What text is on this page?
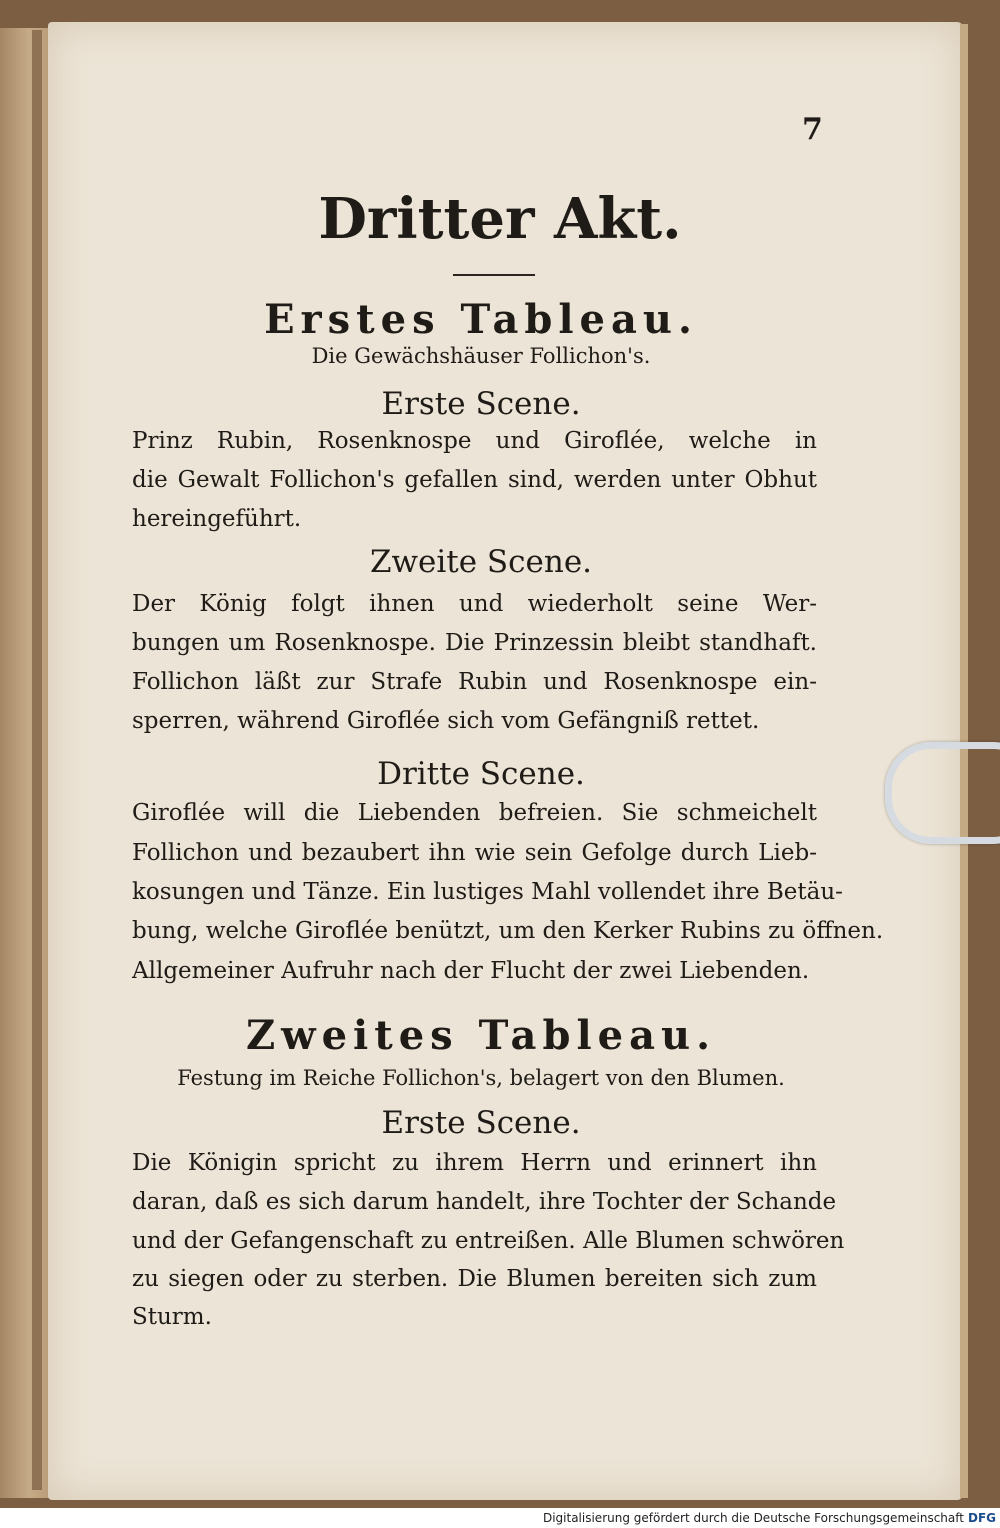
7
Dritter Akt.
Erstes Tableau.
Die Gewächshäuser Follichon's.
Erste Scene.
Prinz Rubin, Rosenknospe und Giroflée, welche in
die Gewalt Follichon's gefallen sind, werden unter Obhut
hereingeführt.
Zweite Scene.
Der König folgt ihnen und wiederholt seine Wer-
bungen um Rosenknospe. Die Prinzessin bleibt standhaft.
Follichon läßt zur Strafe Rubin und Rosenknospe ein-
sperren, während Giroflée sich vom Gefängniß rettet.
Dritte Scene.
Giroflée will die Liebenden befreien. Sie schmeichelt
Follichon und bezaubert ihn wie sein Gefolge durch Lieb-
kosungen und Tänze. Ein lustiges Mahl vollendet ihre Betäu-
bung, welche Giroflée benützt, um den Kerker Rubins zu öffnen.
Allgemeiner Aufruhr nach der Flucht der zwei Liebenden.
Zweites Tableau.
Festung im Reiche Follichon's, belagert von den Blumen.
Erste Scene.
Die Königin spricht zu ihrem Herrn und erinnert ihn
daran, daß es sich darum handelt, ihre Tochter der Schande
und der Gefangenschaft zu entreißen. Alle Blumen schwören
zu siegen oder zu sterben. Die Blumen bereiten sich zum
Sturm.
Digitalisierung gefördert durch die Deutsche Forschungsgemeinschaft DFG
